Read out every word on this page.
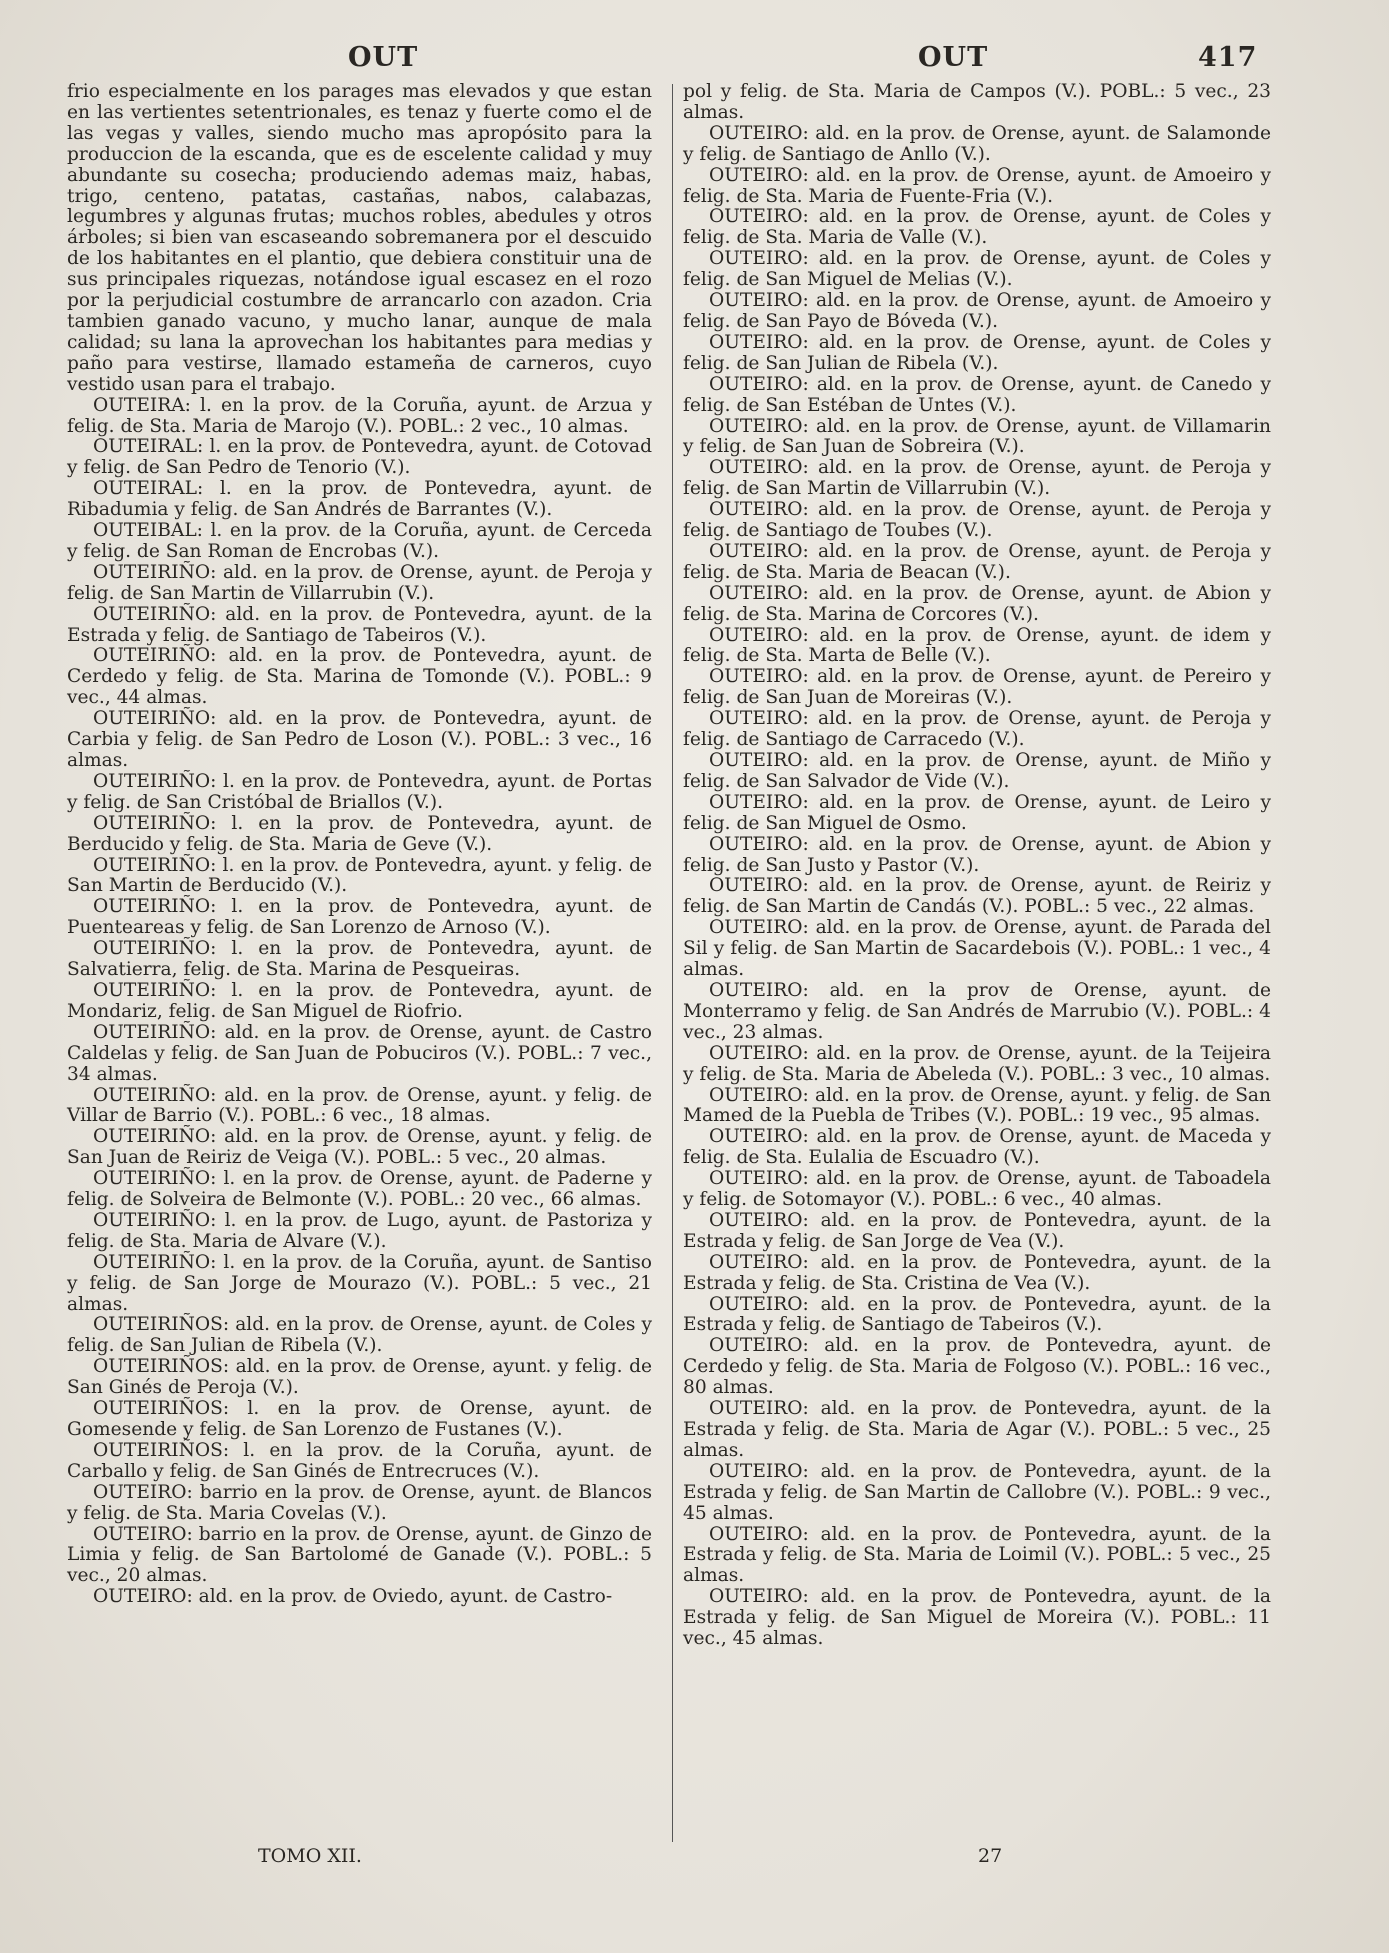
OUT	OUT	417

frio especialmente en los parages mas elevados y que estan en las vertientes setentrionales, es tenaz y fuerte como el de las vegas y valles, siendo mucho mas apropósito para la produccion de la escanda, que es de escelente calidad y muy abundante su cosecha; produciendo ademas maiz, habas, trigo, centeno, patatas, castañas, nabos, calabazas, legumbres y algunas frutas; muchos robles, abedules y otros árboles; si bien van escaseando sobremanera por el descuido de los habitantes en el plantio, que debiera constituir una de sus principales riquezas, notándose igual escasez en el rozo por la perjudicial costumbre de arrancarlo con azadon. Cria tambien ganado vacuno, y mucho lanar, aunque de mala calidad; su lana la aprovechan los habitantes para medias y paño para vestirse, llamado estameña de carneros, cuyo vestido usan para el trabajo.

OUTEIRA: l. en la prov. de la Coruña, ayunt. de Arzua y felig. de Sta. Maria de Marojo (V.). POBL.: 2 vec., 10 almas.

OUTEIRAL: l. en la prov. de Pontevedra, ayunt. de Cotovad y felig. de San Pedro de Tenorio (V.).

OUTEIRAL: l. en la prov. de Pontevedra, ayunt. de Ribadumia y felig. de San Andrés de Barrantes (V.).

OUTEIBAL: l. en la prov. de la Coruña, ayunt. de Cerceda y felig. de San Roman de Encrobas (V.).

OUTEIRIÑO: ald. en la prov. de Orense, ayunt. de Peroja y felig. de San Martin de Villarrubin (V.).

OUTEIRIÑO: ald. en la prov. de Pontevedra, ayunt. de la Estrada y felig. de Santiago de Tabeiros (V.).

OUTEIRIÑO: ald. en la prov. de Pontevedra, ayunt. de Cerdedo y felig. de Sta. Marina de Tomonde (V.). POBL.: 9 vec., 44 almas.

OUTEIRIÑO: ald. en la prov. de Pontevedra, ayunt. de Carbia y felig. de San Pedro de Loson (V.). POBL.: 3 vec., 16 almas.

OUTEIRIÑO: l. en la prov. de Pontevedra, ayunt. de Portas y felig. de San Cristóbal de Briallos (V.).

OUTEIRIÑO: l. en la prov. de Pontevedra, ayunt. de Berducido y felig. de Sta. Maria de Geve (V.).

OUTEIRIÑO: l. en la prov. de Pontevedra, ayunt. y felig. de San Martin de Berducido (V.).

OUTEIRIÑO: l. en la prov. de Pontevedra, ayunt. de Puenteareas y felig. de San Lorenzo de Arnoso (V.).

OUTEIRIÑO: l. en la prov. de Pontevedra, ayunt. de Salvatierra, felig. de Sta. Marina de Pesqueiras.

OUTEIRIÑO: l. en la prov. de Pontevedra, ayunt. de Mondariz, felig. de San Miguel de Riofrio.

OUTEIRIÑO: ald. en la prov. de Orense, ayunt. de Castro Caldelas y felig. de San Juan de Pobuciros (V.). POBL.: 7 vec., 34 almas.

OUTEIRIÑO: ald. en la prov. de Orense, ayunt. y felig. de Villar de Barrio (V.). POBL.: 6 vec., 18 almas.

OUTEIRIÑO: ald. en la prov. de Orense, ayunt. y felig. de San Juan de Reiriz de Veiga (V.). POBL.: 5 vec., 20 almas.

OUTEIRIÑO: l. en la prov. de Orense, ayunt. de Paderne y felig. de Solveira de Belmonte (V.). POBL.: 20 vec., 66 almas.

OUTEIRIÑO: l. en la prov. de Lugo, ayunt. de Pastoriza y felig. de Sta. Maria de Alvare (V.).

OUTEIRIÑO: l. en la prov. de la Coruña, ayunt. de Santiso y felig. de San Jorge de Mourazo (V.). POBL.: 5 vec., 21 almas.

OUTEIRIÑOS: ald. en la prov. de Orense, ayunt. de Coles y felig. de San Julian de Ribela (V.).

OUTEIRIÑOS: ald. en la prov. de Orense, ayunt. y felig. de San Ginés de Peroja (V.).

OUTEIRIÑOS: l. en la prov. de Orense, ayunt. de Gomesende y felig. de San Lorenzo de Fustanes (V.).

OUTEIRIÑOS: l. en la prov. de la Coruña, ayunt. de Carballo y felig. de San Ginés de Entrecruces (V.).

OUTEIRO: barrio en la prov. de Orense, ayunt. de Blancos y felig. de Sta. Maria Covelas (V.).

OUTEIRO: barrio en la prov. de Orense, ayunt. de Ginzo de Limia y felig. de San Bartolomé de Ganade (V.). POBL.: 5 vec., 20 almas.

OUTEIRO: ald. en la prov. de Oviedo, ayunt. de Castro-

pol y felig. de Sta. Maria de Campos (V.). POBL.: 5 vec., 23 almas.

OUTEIRO: ald. en la prov. de Orense, ayunt. de Salamonde y felig. de Santiago de Anllo (V.).

OUTEIRO: ald. en la prov. de Orense, ayunt. de Amoeiro y felig. de Sta. Maria de Fuente-Fria (V.).

OUTEIRO: ald. en la prov. de Orense, ayunt. de Coles y felig. de Sta. Maria de Valle (V.).

OUTEIRO: ald. en la prov. de Orense, ayunt. de Coles y felig. de San Miguel de Melias (V.).

OUTEIRO: ald. en la prov. de Orense, ayunt. de Amoeiro y felig. de San Payo de Bóveda (V.).

OUTEIRO: ald. en la prov. de Orense, ayunt. de Coles y felig. de San Julian de Ribela (V.).

OUTEIRO: ald. en la prov. de Orense, ayunt. de Canedo y felig. de San Estéban de Untes (V.).

OUTEIRO: ald. en la prov. de Orense, ayunt. de Villamarin y felig. de San Juan de Sobreira (V.).

OUTEIRO: ald. en la prov. de Orense, ayunt. de Peroja y felig. de San Martin de Villarrubin (V.).

OUTEIRO: ald. en la prov. de Orense, ayunt. de Peroja y felig. de Santiago de Toubes (V.).

OUTEIRO: ald. en la prov. de Orense, ayunt. de Peroja y felig. de Sta. Maria de Beacan (V.).

OUTEIRO: ald. en la prov. de Orense, ayunt. de Abion y felig. de Sta. Marina de Corcores (V.).

OUTEIRO: ald. en la prov. de Orense, ayunt. de idem y felig. de Sta. Marta de Belle (V.).

OUTEIRO: ald. en la prov. de Orense, ayunt. de Pereiro y felig. de San Juan de Moreiras (V.).

OUTEIRO: ald. en la prov. de Orense, ayunt. de Peroja y felig. de Santiago de Carracedo (V.).

OUTEIRO: ald. en la prov. de Orense, ayunt. de Miño y felig. de San Salvador de Vide (V.).

OUTEIRO: ald. en la prov. de Orense, ayunt. de Leiro y felig. de San Miguel de Osmo.

OUTEIRO: ald. en la prov. de Orense, ayunt. de Abion y felig. de San Justo y Pastor (V.).

OUTEIRO: ald. en la prov. de Orense, ayunt. de Reiriz y felig. de San Martin de Candás (V.). POBL.: 5 vec., 22 almas.

OUTEIRO: ald. en la prov. de Orense, ayunt. de Parada del Sil y felig. de San Martin de Sacardebois (V.). POBL.: 1 vec., 4 almas.

OUTEIRO: ald. en la prov de Orense, ayunt. de Monterramo y felig. de San Andrés de Marrubio (V.). POBL.: 4 vec., 23 almas.

OUTEIRO: ald. en la prov. de Orense, ayunt. de la Teijeira y felig. de Sta. Maria de Abeleda (V.). POBL.: 3 vec., 10 almas.

OUTEIRO: ald. en la prov. de Orense, ayunt. y felig. de San Mamed de la Puebla de Tribes (V.). POBL.: 19 vec., 95 almas.

OUTEIRO: ald. en la prov. de Orense, ayunt. de Maceda y felig. de Sta. Eulalia de Escuadro (V.).

OUTEIRO: ald. en la prov. de Orense, ayunt. de Taboadela y felig. de Sotomayor (V.). POBL.: 6 vec., 40 almas.

OUTEIRO: ald. en la prov. de Pontevedra, ayunt. de la Estrada y felig. de San Jorge de Vea (V.).

OUTEIRO: ald. en la prov. de Pontevedra, ayunt. de la Estrada y felig. de Sta. Cristina de Vea (V.).

OUTEIRO: ald. en la prov. de Pontevedra, ayunt. de la Estrada y felig. de Santiago de Tabeiros (V.).

OUTEIRO: ald. en la prov. de Pontevedra, ayunt. de Cerdedo y felig. de Sta. Maria de Folgoso (V.). POBL.: 16 vec., 80 almas.

OUTEIRO: ald. en la prov. de Pontevedra, ayunt. de la Estrada y felig. de Sta. Maria de Agar (V.). POBL.: 5 vec., 25 almas.

OUTEIRO: ald. en la prov. de Pontevedra, ayunt. de la Estrada y felig. de San Martin de Callobre (V.). POBL.: 9 vec., 45 almas.

OUTEIRO: ald. en la prov. de Pontevedra, ayunt. de la Estrada y felig. de Sta. Maria de Loimil (V.). POBL.: 5 vec., 25 almas.

OUTEIRO: ald. en la prov. de Pontevedra, ayunt. de la Estrada y felig. de San Miguel de Moreira (V.). POBL.: 11 vec., 45 almas.

TOMO XII.	27
